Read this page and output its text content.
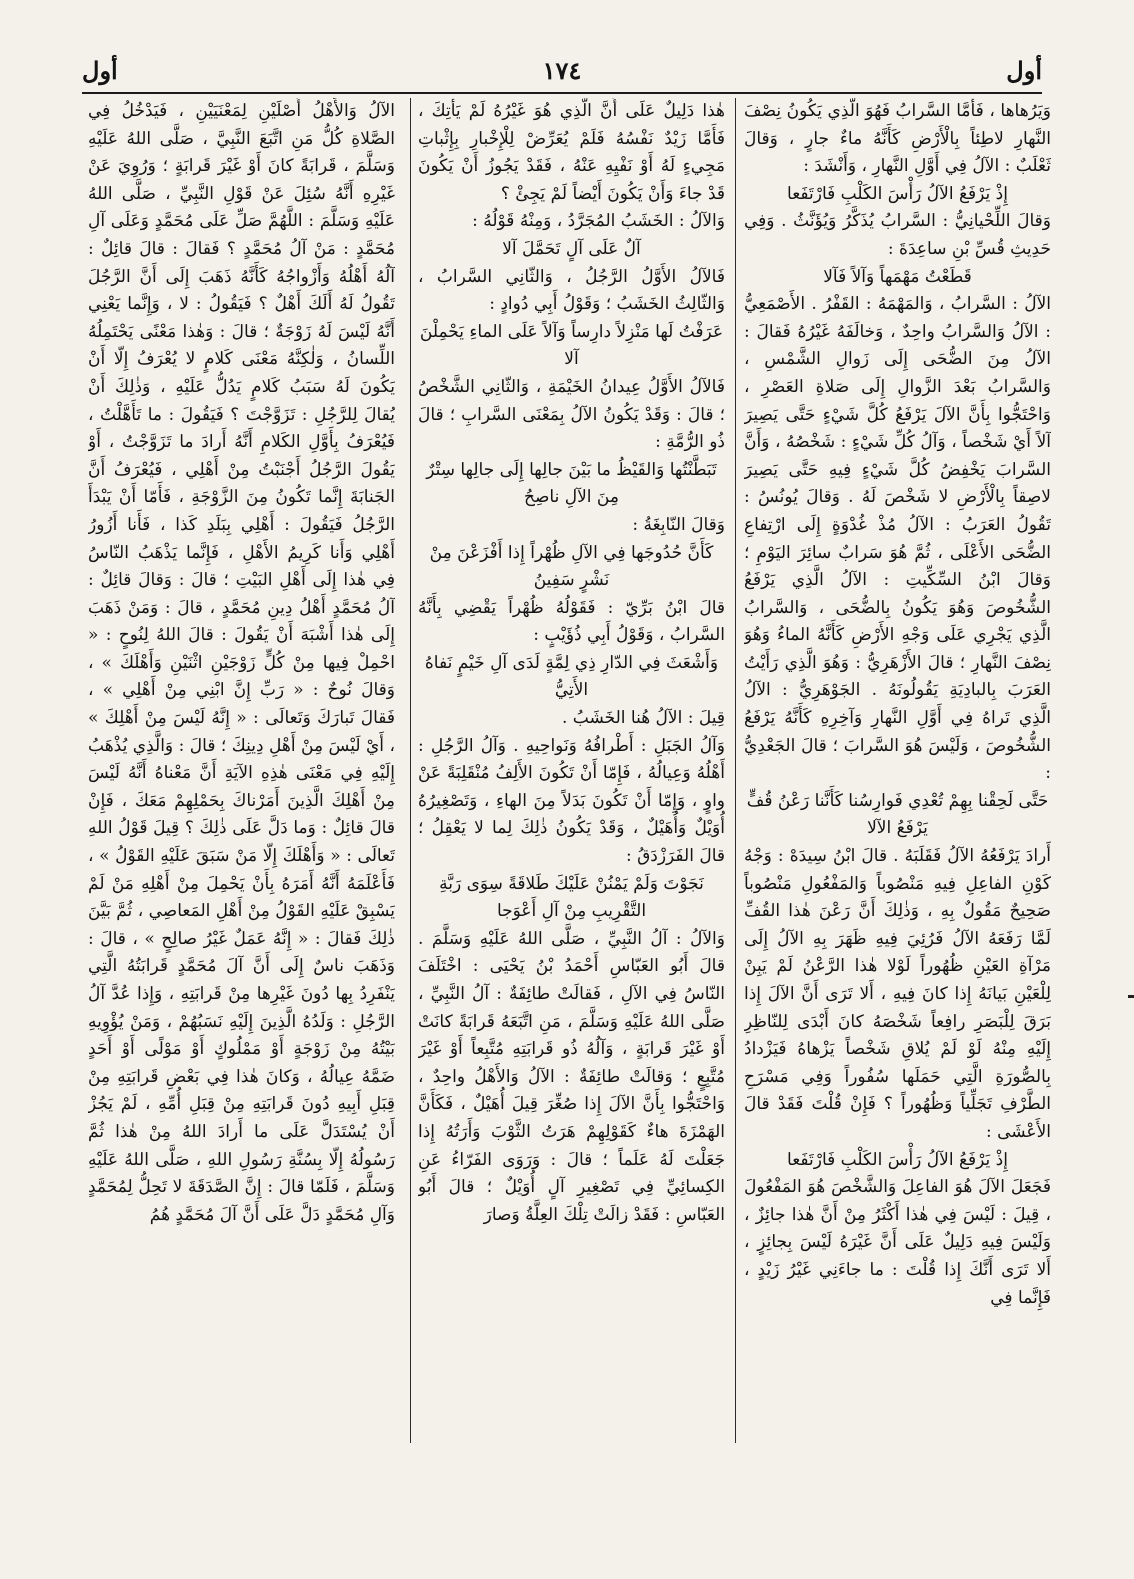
أول
١٧٤
أول

وَيَرُهاها ، فَأَمَّا السَّرابُ فَهُوَ الَّذِي يَكُونُ نِصْفَ النَّهارِ لاطِئاً بِالْأَرْضِ كَأَنَّهُ ماءٌ جارٍ ، وَقالَ ثَعْلَبٌ : الآلُ فِي أَوَّلِ النَّهارِ ، وَأَنْشَدَ :

إِذْ يَرْفَعُ الآلُ رَأْسَ الكَلْبِ فَارْتَفَعا

وَقالَ اللِّحْيانِيُّ : السَّرابُ يُذَكَّرُ وَيُؤَنَّثُ . وَفِي حَدِيثِ قُسِّ بْنِ ساعِدَةَ :

قَطَعْتُ مَهْمَهاً وَآلاً فَآلا

الآلُ : السَّرابُ ، وَالمَهْمَهُ : القَفْرُ . الأَصْمَعِيُّ : الآلُ وَالسَّرابُ واحِدٌ ، وَخالَفَهُ غَيْرُهُ فَقالَ : الآلُ مِنَ الضُّحَى إِلَى زَوالِ الشَّمْسِ ، وَالسَّرابُ بَعْدَ الزَّوالِ إِلَى صَلاةِ العَصْرِ ، وَاحْتَجُّوا بِأَنَّ الآلَ يَرْفَعُ كُلَّ شَيْءٍ حَتَّى يَصِيرَ آلاً أَيْ شَخْصاً ، وَآلُ كُلِّ شَيْءٍ : شَخْصُهُ ، وَأَنَّ السَّرابَ يَخْفِضُ كُلَّ شَيْءٍ فِيهِ حَتَّى يَصِيرَ لاصِقاً بِالْأَرْضِ لا شَخْصَ لَهُ . وَقالَ يُونُسُ : تَقُولُ العَرَبُ : الآلُ مُذْ غُدْوَةٍ إِلَى ارْتِفاعِ الضُّحَى الأَعْلَى ، ثُمَّ هُوَ سَرابٌ سائِرَ اليَوْمِ ؛ وَقالَ ابْنُ السِّكِّيتِ : الآلُ الَّذِي يَرْفَعُ الشُّخُوصَ وَهُوَ يَكُونُ بِالضُّحَى ، وَالسَّرابُ الَّذِي يَجْرِي عَلَى وَجْهِ الأَرْضِ كَأَنَّهُ الماءُ وَهُوَ نِصْفَ النَّهارِ ؛ قالَ الأَزْهَرِيُّ : وَهُوَ الَّذِي رَأَيْتُ العَرَبَ بِالبادِيَةِ يَقُولُونَهُ . الجَوْهَرِيُّ : الآلُ الَّذِي تَراهُ فِي أَوَّلِ النَّهارِ وَآخِرِهِ كَأَنَّهُ يَرْفَعُ الشُّخُوصَ ، وَلَيْسَ هُوَ السَّرابَ ؛ قالَ الجَعْدِيُّ :

حَتَّى لَحِقْنا بِهِمْ تُعْدِي فَوارِسُنا كَأَنَّنا رَعْنُ قُفٍّ يَرْفَعُ الآلا

أَرادَ يَرْفَعُهُ الآلُ فَقَلَبَهُ . قالَ ابْنُ سِيدَهْ : وَجْهُ كَوْنِ الفاعِلِ فِيهِ مَنْصُوباً وَالمَفْعُولِ مَنْصُوباً صَحِيحٌ مَقُولٌ بِهِ ، وَذٰلِكَ أَنَّ رَعْنَ هٰذا القُفِّ لَمَّا رَفَعَهُ الآلُ فَرُئِيَ فِيهِ ظَهَرَ بِهِ الآلُ إِلَى مَرْآةِ العَيْنِ ظُهُوراً لَوْلا هٰذا الرَّعْنُ لَمْ يَبِنْ لِلْعَيْنِ بَيانَهُ إِذا كانَ فِيهِ ، أَلا تَرَى أَنَّ الآلَ إِذا بَرَقَ لِلْبَصَرِ رافِعاً شَخْصَهُ كانَ أَبْدَى لِلنّاظِرِ إِلَيْهِ مِنْهُ لَوْ لَمْ يُلاقِ شَخْصاً يَزْهاهُ فَيَزْدادُ بِالصُّورَةِ الَّتِي حَمَلَها سُفُوراً وَفِي مَسْرَحِ الطَّرْفِ تَجَلِّياً وَظُهُوراً ؟ فَإِنْ قُلْتَ فَقَدْ قالَ الأَعْشَى :

إِذْ يَرْفَعُ الآلُ رَأْسَ الكَلْبِ فَارْتَفَعا

فَجَعَلَ الآلَ هُوَ الفاعِلَ وَالشَّخْصَ هُوَ المَفْعُولَ ، قِيلَ : لَيْسَ فِي هٰذا أَكْثَرُ مِنْ أَنَّ هٰذا جائِزٌ ، وَلَيْسَ فِيهِ دَلِيلٌ عَلَى أَنَّ غَيْرَهُ لَيْسَ بِجائِزٍ ، أَلا تَرَى أَنَّكَ إِذا قُلْتَ : ما جاءَنِي غَيْرُ زَيْدٍ ، فَإِنَّما فِي

هٰذا دَلِيلٌ عَلَى أَنَّ الَّذِي هُوَ غَيْرُهُ لَمْ يَأْتِكَ ، فَأَمَّا زَيْدٌ نَفْسُهُ فَلَمْ يُعَرِّضْ لِلْإِخْبارِ بِإِثْباتِ مَجِيءٍ لَهُ أَوْ نَفْيِهِ عَنْهُ ، فَقَدْ يَجُوزُ أَنْ يَكُونَ قَدْ جاءَ وَأَنْ يَكُونَ أَيْضاً لَمْ يَجِئْ ؟

وَالآلُ : الخَشَبُ المُجَرَّدُ ، وَمِنْهُ قَوْلُهُ :

آلٌ عَلَى آلٍ تَحَمَّلَ آلا

فَالآلُ الأَوَّلُ الرَّجُلُ ، وَالثّانِي السَّرابُ ، وَالثّالِثُ الخَشَبُ ؛ وَقَوْلُ أَبِي دُوادٍ :

عَرَفْتُ لَها مَنْزِلاً دارِساً وَآلاً عَلَى الماءِ يَحْمِلْنَ آلا

فَالآلُ الأَوَّلُ عِيدانُ الخَيْمَةِ ، وَالثّانِي الشَّخْصُ ؛ قالَ : وَقَدْ يَكُونُ الآلُ بِمَعْنَى السَّرابِ ؛ قالَ ذُو الرُّمَّةِ :

تَبَطَّنْتُها وَالقَيْظُ ما بَيْنَ جالِها إِلَى جالِها سِتْرٌ مِنَ الآلِ ناصِحُ

وَقالَ النّابِغَةُ :

كَأَنَّ حُدُوجَها فِي الآلِ ظُهْراً إِذا أَفْزَعْنَ مِنْ نَشْرٍ سَفِينُ

قالَ ابْنُ بَرِّيّ : فَقَوْلُهُ ظُهْراً يَقْضِي بِأَنَّهُ السَّرابُ ، وَقَوْلُ أَبِي ذُؤَيْبٍ :

وَأَشْعَثَ فِي الدّارِ ذِي لِمَّةٍ لَدَى آلِ خَيْمٍ نَفاهُ الأَتِيُّ

قِيلَ : الآلُ هُنا الخَشَبُ .

وَآلُ الجَبَلِ : أَطْرافُهُ وَنَواحِيهِ . وَآلُ الرَّجُلِ : أَهْلُهُ وَعِيالُهُ ، فَإِمّا أَنْ تَكُونَ الأَلِفُ مُنْقَلِبَةً عَنْ واوٍ ، وَإِمّا أَنْ تَكُونَ بَدَلاً مِنَ الهاءِ ، وَتَصْغِيرُهُ أُوَيْلٌ وَأُهَيْلٌ ، وَقَدْ يَكُونُ ذٰلِكَ لِما لا يَعْقِلُ ؛ قالَ الفَرَزْدَقُ :

نَجَوْتَ وَلَمْ يَمْنُنْ عَلَيْكَ طَلاقَةً سِوَى رَبَّةِ التَّقْرِيبِ مِنْ آلِ أَعْوَجا

وَالآلُ : آلُ النَّبِيِّ ، صَلَّى اللهُ عَلَيْهِ وَسَلَّمَ . قالَ أَبُو العَبّاسِ أَحْمَدُ بْنُ يَحْيَى : اخْتَلَفَ النّاسُ فِي الآلِ ، فَقالَتْ طائِفَةٌ : آلُ النَّبِيِّ ، صَلَّى اللهُ عَلَيْهِ وَسَلَّمَ ، مَنِ اتَّبَعَهُ قَرابَةً كانَتْ أَوْ غَيْرَ قَرابَةٍ ، وَآلُهُ ذُو قَرابَتِهِ مُتَّبِعاً أَوْ غَيْرَ مُتَّبِعٍ ؛ وَقالَتْ طائِفَةٌ : الآلُ وَالأَهْلُ واحِدٌ ، وَاحْتَجُّوا بِأَنَّ الآلَ إِذا صُغِّرَ قِيلَ أُهَيْلٌ ، فَكَأَنَّ الهَمْزَةَ هاءٌ كَقَوْلِهِمْ هَرَتُ الثَّوْبَ وَأَرَتُهُ إِذا جَعَلْتَ لَهُ عَلَماً ؛ قالَ : وَرَوَى الفَرّاءُ عَنِ الكِسائِيِّ فِي تَصْغِيرِ آلٍ أُوَيْلٌ ؛ قالَ أَبُو العَبّاسِ : فَقَدْ زالَتْ تِلْكَ العِلَّةُ وَصارَ

الآلُ وَالأَهْلُ أَصْلَيْنِ لِمَعْنَيَيْنِ ، فَيَدْخُلُ فِي الصَّلاةِ كُلُّ مَنِ اتَّبَعَ النَّبِيَّ ، صَلَّى اللهُ عَلَيْهِ وَسَلَّمَ ، قَرابَةً كانَ أَوْ غَيْرَ قَرابَةٍ ؛ وَرُوِيَ عَنْ غَيْرِهِ أَنَّهُ سُئِلَ عَنْ قَوْلِ النَّبِيِّ ، صَلَّى اللهُ عَلَيْهِ وَسَلَّمَ : اللَّهُمَّ صَلِّ عَلَى مُحَمَّدٍ وَعَلَى آلِ مُحَمَّدٍ : مَنْ آلُ مُحَمَّدٍ ؟ فَقالَ : قالَ قائِلٌ : آلُهُ أَهْلُهُ وَأَزْواجُهُ كَأَنَّهُ ذَهَبَ إِلَى أَنَّ الرَّجُلَ تَقُولُ لَهُ أَلَكَ أَهْلٌ ؟ فَيَقُولُ : لا ، وَإِنَّما يَعْنِي أَنَّهُ لَيْسَ لَهُ زَوْجَةٌ ؛ قالَ : وَهٰذا مَعْنًى يَحْتَمِلُهُ اللِّسانُ ، وَلٰكِنَّهُ مَعْنَى كَلامٍ لا يُعْرَفُ إِلّا أَنْ يَكُونَ لَهُ سَبَبُ كَلامٍ يَدُلُّ عَلَيْهِ ، وَذٰلِكَ أَنْ يُقالَ لِلرَّجُلِ : تَزَوَّجْتَ ؟ فَيَقُولَ : ما تَأَهَّلْتُ ، فَيُعْرَفُ بِأَوَّلِ الكَلامِ أَنَّهُ أَرادَ ما تَزَوَّجْتُ ، أَوْ يَقُولَ الرَّجُلُ أَجْنَبْتُ مِنْ أَهْلِي ، فَيُعْرَفُ أَنَّ الجَنابَةَ إِنَّما تَكُونُ مِنَ الزَّوْجَةِ ، فَأَمّا أَنْ يَبْدَأَ الرَّجُلُ فَيَقُولَ : أَهْلِي بِبَلَدِ كَذا ، فَأَنا أَزُورُ أَهْلِي وَأَنا كَرِيمُ الأَهْلِ ، فَإِنَّما يَذْهَبُ النّاسُ فِي هٰذا إِلَى أَهْلِ البَيْتِ ؛ قالَ : وَقالَ قائِلٌ : آلُ مُحَمَّدٍ أَهْلُ دِينِ مُحَمَّدٍ ، قالَ : وَمَنْ ذَهَبَ إِلَى هٰذا أَشْبَهَ أَنْ يَقُولَ : قالَ اللهُ لِنُوحٍ : « احْمِلْ فِيها مِنْ كُلٍّ زَوْجَيْنِ اثْنَيْنِ وَأَهْلَكَ » ، وَقالَ نُوحٌ : « رَبِّ إِنَّ ابْنِي مِنْ أَهْلِي » ، فَقالَ تَبارَكَ وَتَعالَى : « إِنَّهُ لَيْسَ مِنْ أَهْلِكَ » ، أَيْ لَيْسَ مِنْ أَهْلِ دِينِكَ ؛ قالَ : وَالَّذِي يُذْهَبُ إِلَيْهِ فِي مَعْنَى هٰذِهِ الآيَةِ أَنَّ مَعْناهُ أَنَّهُ لَيْسَ مِنْ أَهْلِكَ الَّذِينَ أَمَرْناكَ بِحَمْلِهِمْ مَعَكَ ، فَإِنْ قالَ قائِلٌ : وَما دَلَّ عَلَى ذٰلِكَ ؟ قِيلَ قَوْلُ اللهِ تَعالَى : « وَأَهْلَكَ إِلّا مَنْ سَبَقَ عَلَيْهِ القَوْلُ » ، فَأَعْلَمَهُ أَنَّهُ أَمَرَهُ بِأَنْ يَحْمِلَ مِنْ أَهْلِهِ مَنْ لَمْ يَسْبِقْ عَلَيْهِ القَوْلُ مِنْ أَهْلِ المَعاصِي ، ثُمَّ بَيَّنَ ذٰلِكَ فَقالَ : « إِنَّهُ عَمَلٌ غَيْرُ صالِحٍ » ، قالَ : وَذَهَبَ ناسٌ إِلَى أَنَّ آلَ مُحَمَّدٍ قَرابَتُهُ الَّتِي يَنْفَرِدُ بِها دُونَ غَيْرِها مِنْ قَرابَتِهِ ، وَإِذا عُدَّ آلُ الرَّجُلِ : وَلَدُهُ الَّذِينَ إِلَيْهِ نَسَبُهُمْ ، وَمَنْ يُؤْوِيهِ بَيْتُهُ مِنْ زَوْجَةٍ أَوْ مَمْلُوكٍ أَوْ مَوْلًى أَوْ أَحَدٍ ضَمَّهُ عِيالُهُ ، وَكانَ هٰذا فِي بَعْضِ قَرابَتِهِ مِنْ قِبَلِ أَبِيهِ دُونَ قَرابَتِهِ مِنْ قِبَلِ أُمِّهِ ، لَمْ يَجُزْ أَنْ يُسْتَدَلَّ عَلَى ما أَرادَ اللهُ مِنْ هٰذا ثُمَّ رَسُولُهُ إِلّا بِسُنَّةِ رَسُولِ اللهِ ، صَلَّى اللهُ عَلَيْهِ وَسَلَّمَ ، فَلَمّا قالَ : إِنَّ الصَّدَقَةَ لا تَحِلُّ لِمُحَمَّدٍ وَآلِ مُحَمَّدٍ دَلَّ عَلَى أَنَّ آلَ مُحَمَّدٍ هُمُ
